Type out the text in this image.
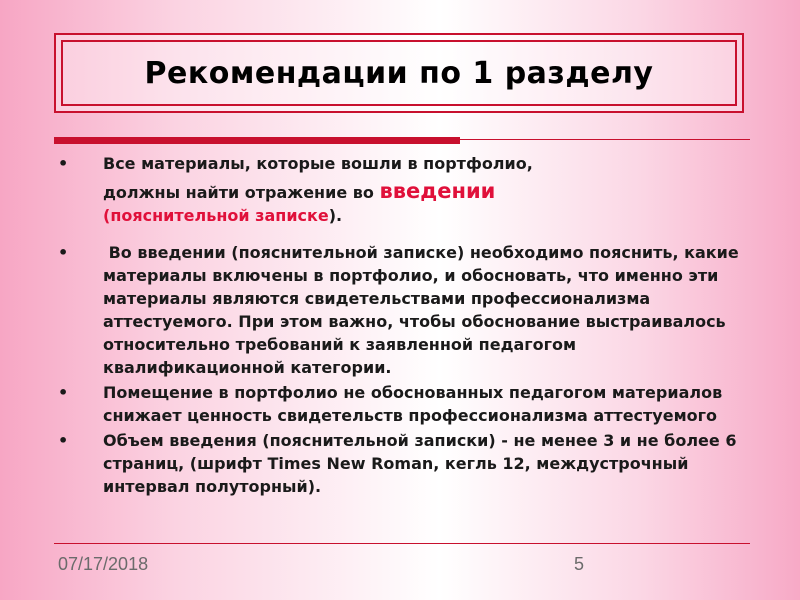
Рекомендации по 1 разделу
• Все материалы, которые вошли в портфолио,
должны найти отражение во введении
(пояснительной записке).
• Во введении (пояснительной записке) необходимо пояснить, какие материалы включены в портфолио, и обосновать, что именно эти материалы являются свидетельствами профессионализма аттестуемого. При этом важно, чтобы обоснование выстраивалось относительно требований к заявленной педагогом квалификационной категории.
• Помещение в портфолио не обоснованных педагогом материалов снижает ценность свидетельств профессионализма аттестуемого
• Объем введения (пояснительной записки) - не менее 3 и не более 6 страниц, (шрифт Times New Roman, кегль 12, междустрочный интервал полуторный).
07/17/2018	5
